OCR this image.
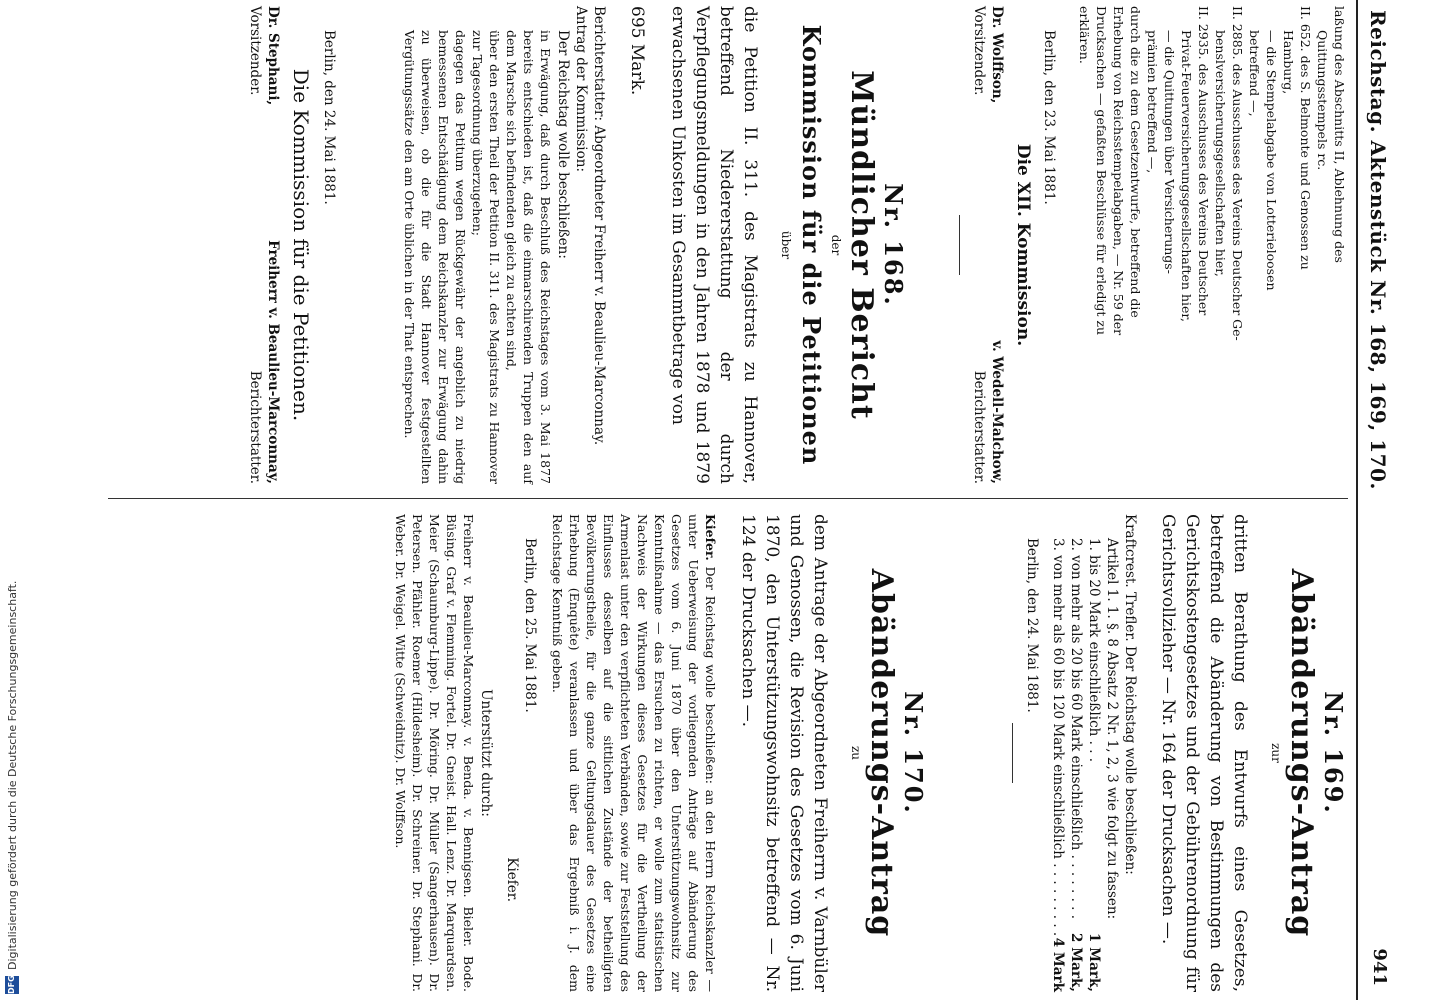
DFG
Digitalisierung gefördert durch die Deutsche Forschungsgemeinschaft.
Reichstag. Aktenstück Nr. 168, 169, 170.
941

laßung des Abschnitts II, Ablehnung des

Quittungsstempels rc.

II. 652. des S. Belmonte und Genossen zu

Hamburg,

— die Stempelabgabe von Lotterieloosen

betreffend —,

II. 2885. des Ausschusses des Vereins Deutscher Ge-

benslversicherungsgesellschaften hier,

II. 2935. des Ausschusses des Vereins Deutscher

Privat-Feuerversicherungsgesellschaften hier,

— die Quittungen über Versicherungs-

prämien betreffend —,

durch die zu dem Gesetzentwurfe, betreffend die

Erhebung von Reichsstempelabgaben, — Nr. 59 der

Drucksachen — gefaßten Beschlüsse für erledigt zu

erklären.

Berlin, den 23. Mai 1881.

Die XII. Kommission.

Dr. Wolffson,
v. Wedell-Malchow,
Vorsitzender.
Berichterstatter.
Nr. 168.
Mündlicher Bericht
der
Kommission für die Petitionen
über

die Petition II. 311. des Magistrats zu Hannover, betreffend Niedererstattung der durch Verpflegungsmeldungen in den Jahren 1878 und 1879 erwachsenen Unkosten im Gesammtbetrage von

695 Mark.

Berichterstatter: Abgeordneter Freiherr v. Beaulieu-Marconnay.

Antrag der Kommission:

Der Reichstag wolle beschließen:

in Erwägung, daß durch Beschluß des Reichstages vom 3. Mai 1877 bereits entschieden ist, daß die einmarschirenden Truppen den auf dem Marsche sich befindenden gleich zu achten sind,

über den ersten Theil der Petition II. 311. des Magistrats zu Hannover zur Tagesordnung überzugehen;

dagegen das Petitum wegen Rückgewähr der angeblich zu niedrig bemessenen Entschädigung dem Reichskanzler zur Erwägung dahin zu überweisen, ob die für die Stadt Hannover festgestellten Vergütungssätze den am Orte üblichen in der That entsprechen.

Berlin, den 24. Mai 1881.

Die Kommission für die Petitionen.

Dr. Stephani,
Freiherr v. Beaulieu-Marconnay,
Vorsitzender.
Berichterstatter.
Nr. 169.
Abänderungs-Antrag
zur

dritten Berathung des Entwurfs eines Gesetzes, betreffend die Abänderung von Bestimmungen des Gerichtskostengesetzes und der Gebührenordnung für Gerichtsvollzieher — Nr. 164 der Drucksachen —.

Kraftcrest. Trefler. Der Reichstag wolle beschließen:

Artikel 1. 1. §. 8 Absatz 2 Nr. 1, 2, 3 wie folgt zu fassen:

1. bis 20 Mark einschließlich . . .
1 Mark,
2. von mehr als 20 bis 60 Mark einschließlich . . . . . . . .
2 Mark,
3. von mehr als 60 bis 120 Mark einschließlich . . . . . . . . .
4 Mark

Berlin, den 24. Mai 1881.

Nr. 170.
Abänderungs-Antrag
zu

dem Antrage der Abgeordneten Freiherrn v. Varnbüler und Genossen, die Revision des Gesetzes vom 6. Juni 1870, den Unterstützungswohnsitz betreffend — Nr. 124 der Drucksachen —.

Kiefer. Der Reichstag wolle beschließen: an den Herrn Reichskanzler — unter Ueberweisung der vorliegenden Anträge auf Abänderung des Gesetzes vom 6. Juni 1870 über den Unterstützungswohnsitz zur Kenntnißnahme — das Ersuchen zu richten, er wolle zum statistischen Nachweis der Wirkungen dieses Gesetzes für die Vertheilung der Armenlast unter den verpflichteten Verbänden, sowie zur Feststellung des Einflusses desselben auf die sittlichen Zustände der betheiligten Bevölkerungstheile, für die ganze Geltungsdauer des Gesetzes eine Erhebung (Enquête) veranlassen und über das Ergebniß i. J. dem Reichstage Kenntniß geben.

Berlin, den 25. Mai 1881.

Kiefer.

Unterstützt durch:

Freiherr v. Beaulieu-Marconnay. v. Benda. v. Bennigsen. Bieler. Bode. Büsing. Graf v. Flemming. Fortel. Dr. Gneist. Hall. Lenz. Dr. Marquardsen. Meier (Schaumburg-Lippe). Dr. Möring. Dr. Müller (Sangerhausen). Dr. Petersen. Pfähler. Roemer (Hildesheim). Dr. Schreiner. Dr. Stephani. Dr. Weber. Dr. Weigel. Witte (Schweidnitz). Dr. Wolffson.
